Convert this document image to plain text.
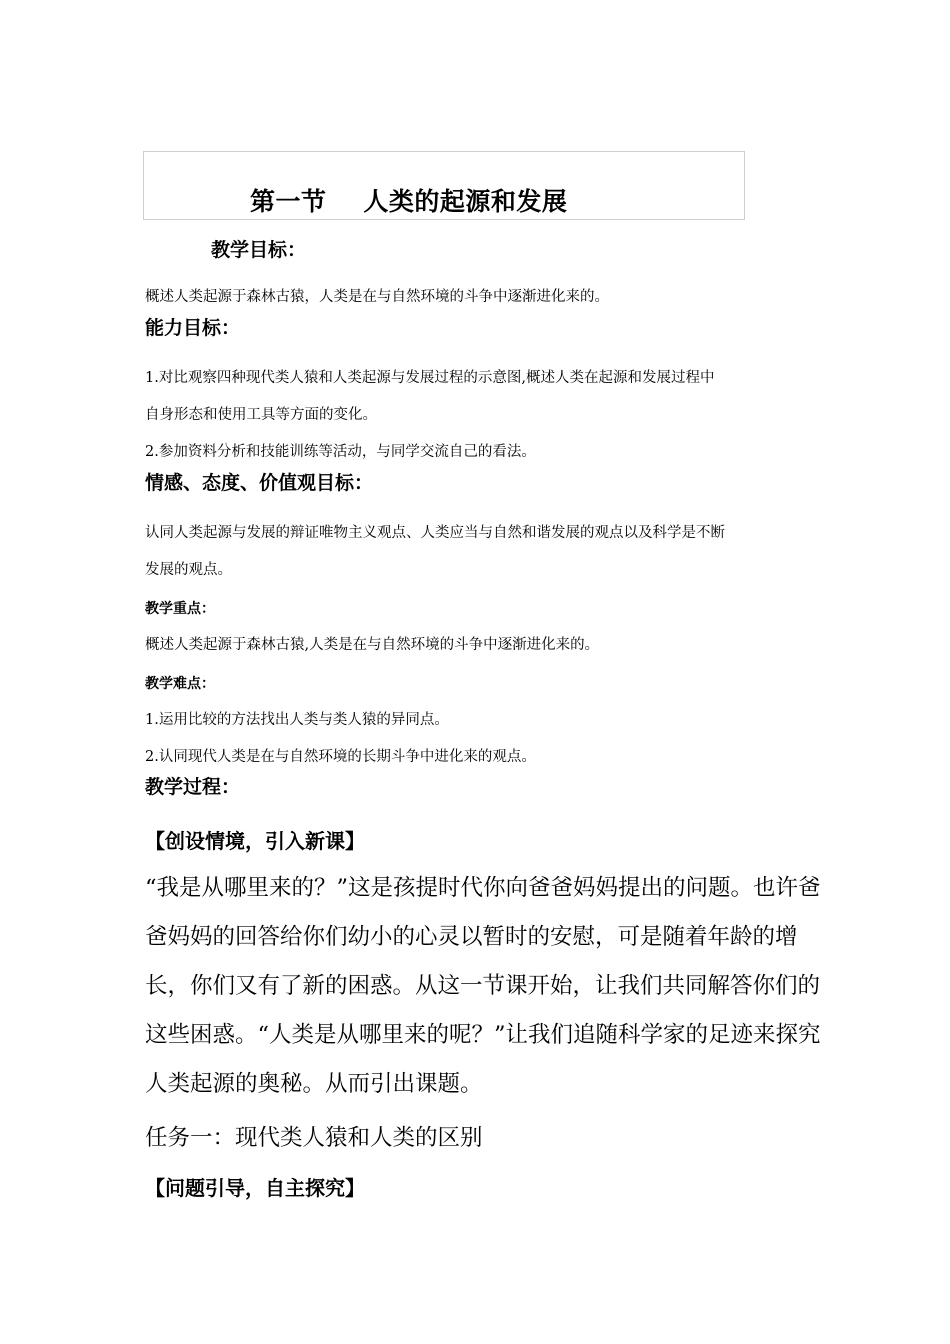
第一节    人类的起源和发展
教学目标：
概述人类起源于森林古猿，人类是在与自然环境的斗争中逐渐进化来的。
能力目标：
1.对比观察四种现代类人猿和人类起源与发展过程的示意图,概述人类在起源和发展过程中
自身形态和使用工具等方面的变化。
2.参加资料分析和技能训练等活动，与同学交流自己的看法。
情感、态度、价值观目标：
认同人类起源与发展的辩证唯物主义观点、人类应当与自然和谐发展的观点以及科学是不断
发展的观点。
教学重点：
概述人类起源于森林古猿,人类是在与自然环境的斗争中逐渐进化来的。
教学难点：
1.运用比较的方法找出人类与类人猿的异同点。
2.认同现代人类是在与自然环境的长期斗争中进化来的观点。
教学过程：
【创设情境，引入新课】
“我是从哪里来的？”这是孩提时代你向爸爸妈妈提出的问题。也许爸
爸妈妈的回答给你们幼小的心灵以暂时的安慰，可是随着年龄的增
长，你们又有了新的困惑。从这一节课开始，让我们共同解答你们的
这些困惑。“人类是从哪里来的呢？”让我们追随科学家的足迹来探究
人类起源的奥秘。从而引出课题。
任务一：现代类人猿和人类的区别
【问题引导，自主探究】
